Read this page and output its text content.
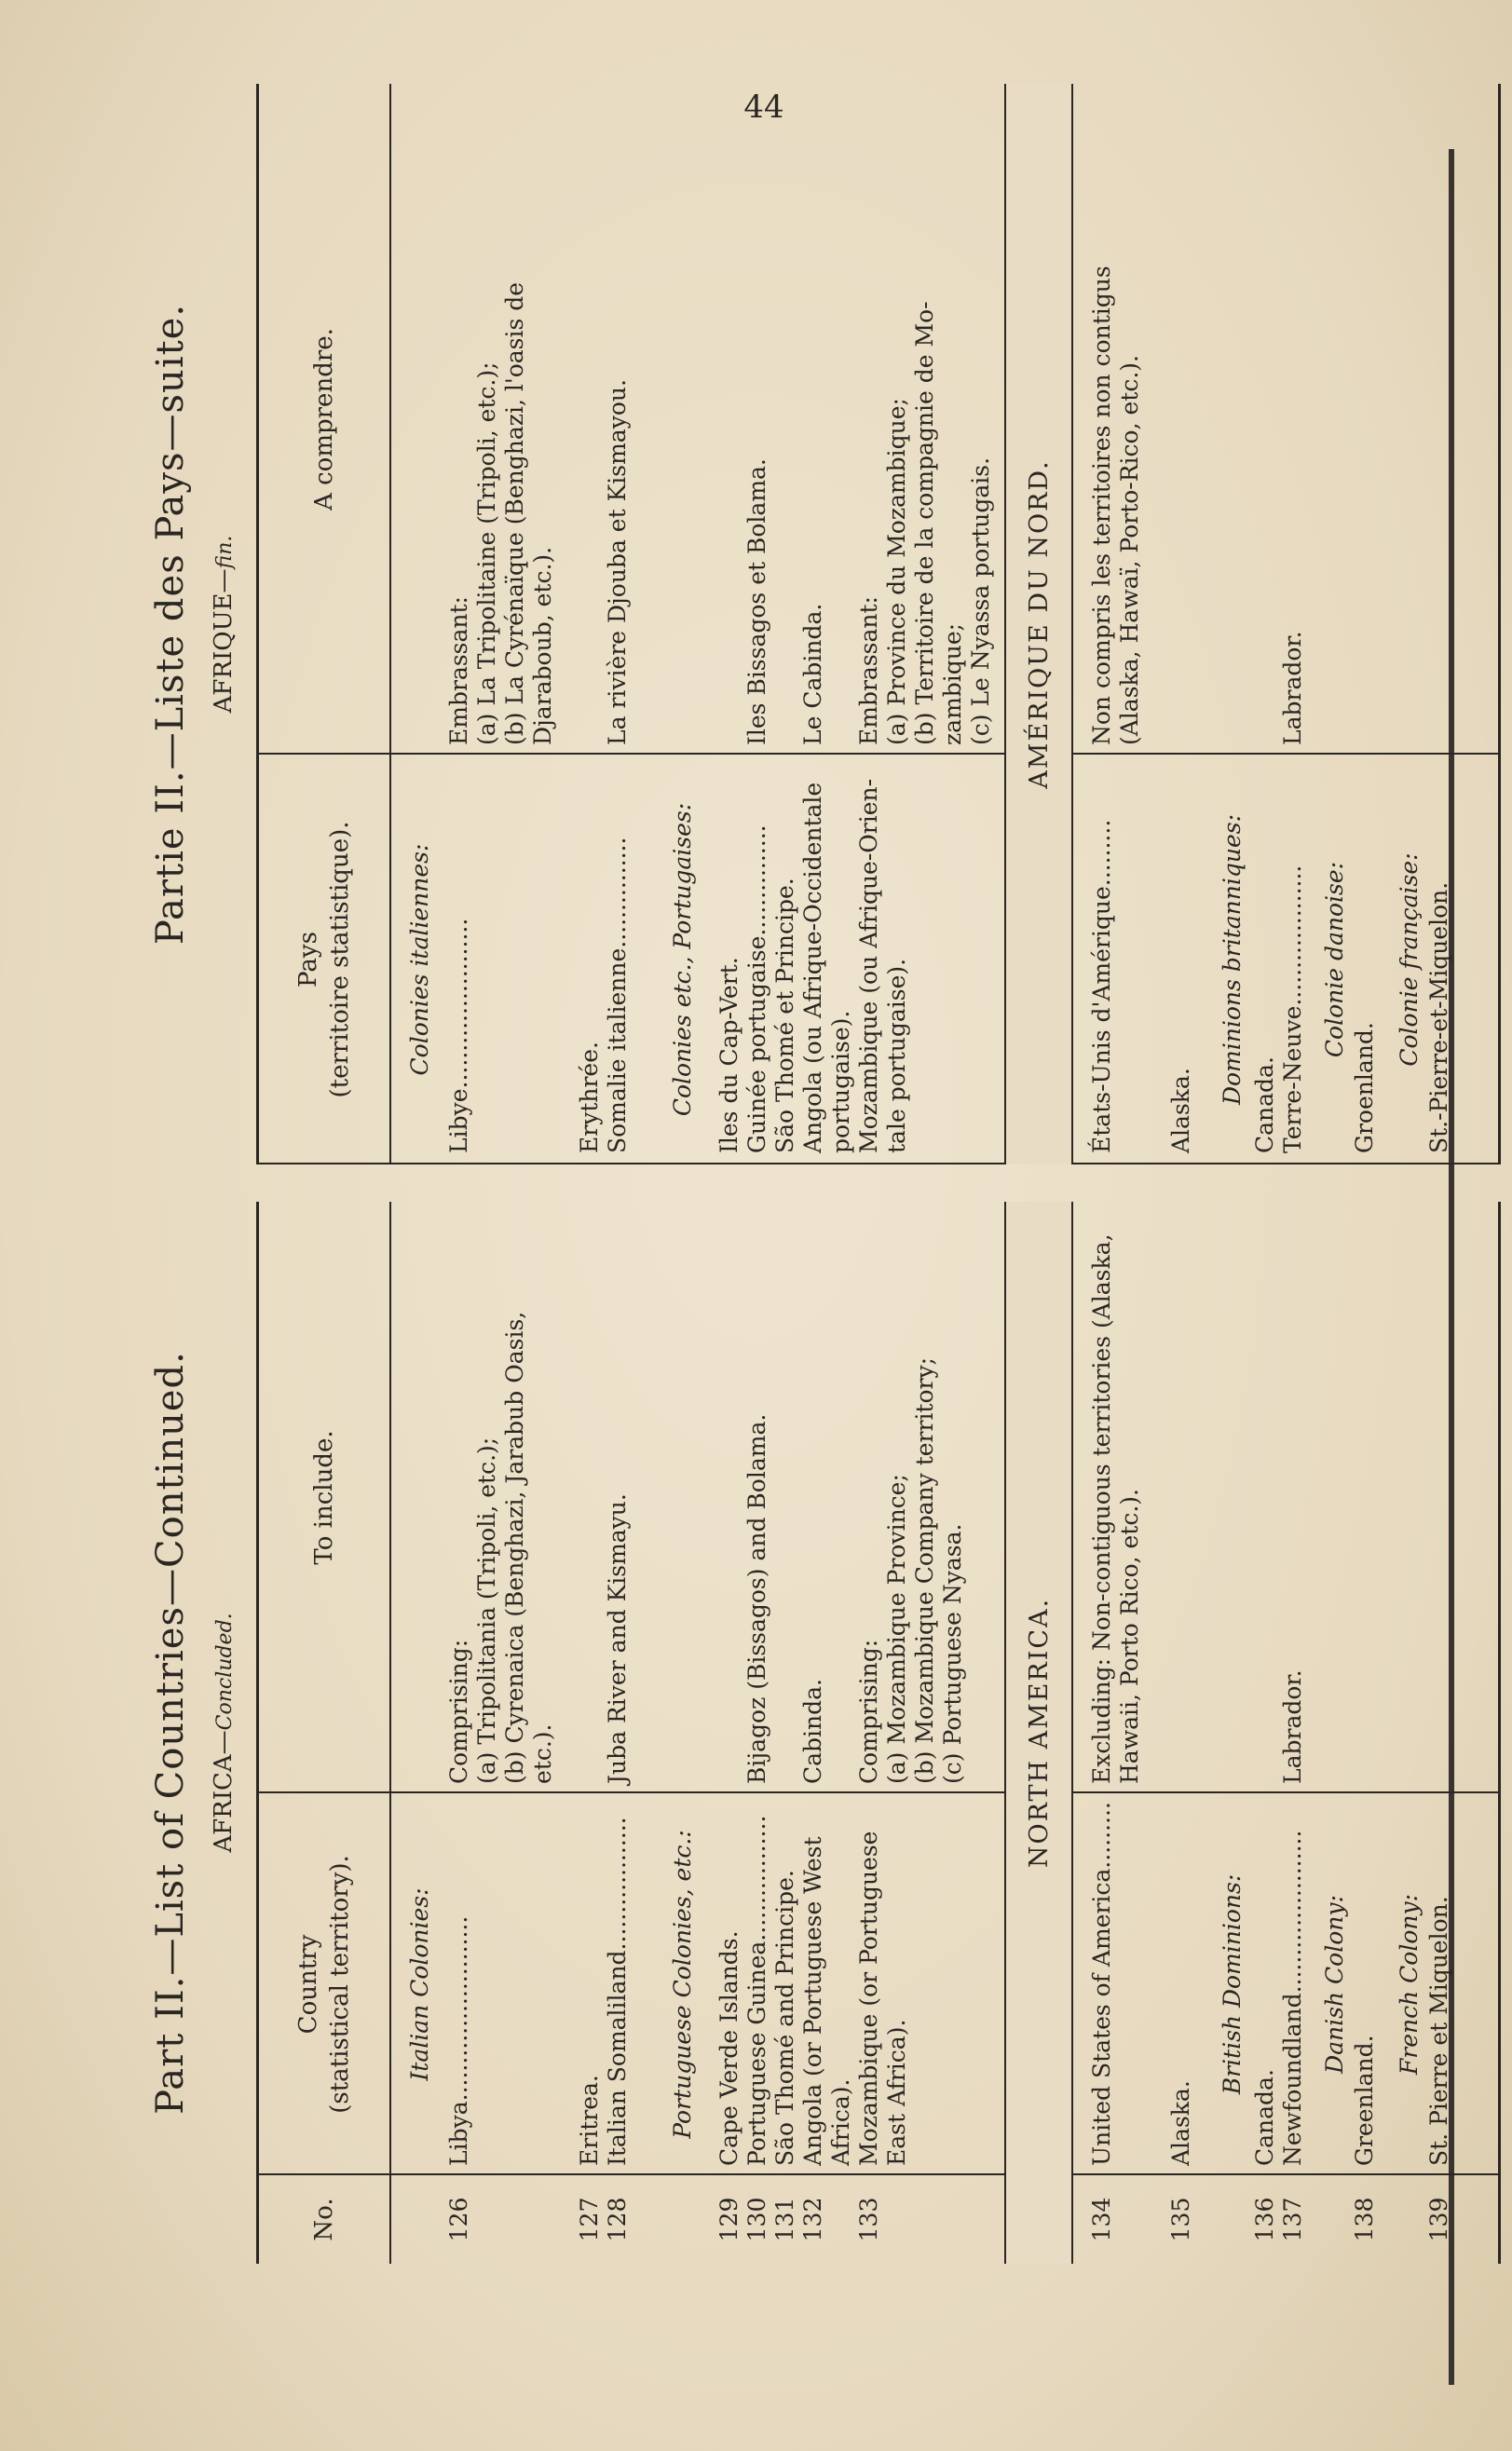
44
Part II.—List of Countries—Continued. AFRICA—Concluded.
No.
Country
(statistical territory).
To include.
Italian Colonies:
126
Libya.........................
Comprising:
(a) Tripolitania (Tripoli, etc.);
(b) Cyrenaica (Benghazi, Jarabub Oasis,
etc.).
127
128
Eritrea.
Italian Somaliland..................
Juba River and Kismayu.
Portuguese Colonies, etc.:
129
130
131
132
Cape Verde Islands.
Portuguese Guinea.................
São Thomé and Principe.
Angola (or Portuguese West
Africa).

Bijagoz (Bissagos) and Bolama.

Cabinda.
133
Mozambique (or Portuguese
East Africa).
Comprising:
(a) Mozambique Province;
(b) Mozambique Company territory;
(c) Portuguese Nyasa.
NORTH AMERICA.
134
United States of America.........
Excluding: Non-contiguous territories (Alaska,
Hawaii, Porto Rico, etc.).
135
Alaska.
British Dominions:
136
137
Canada.
Newfoundland......................

Labrador.
Danish Colony:
138
Greenland.
French Colony:
139
St. Pierre et Miquelon.
Partie II.—Liste des Pays—suite. AFRIQUE—fin.
Pays
(territoire statistique).
A comprendre.
Colonies italiennes: Libye.......................
Embrassant:
(a) La Tripolitaine (Tripoli, etc.);
(b) La Cyrénaïque (Benghazi, l'oasis de
Djaraboub, etc.).
Erythrée.
Somalie italienne...............
La rivière Djouba et Kismayou.
Colonies etc., Portugaises:
Iles du Cap-Vert.
Guinée portugaise...............
São Thomé et Principe.
Angola (ou Afrique-Occidentale
portugaise).

Iles Bissagos et Bolama.

Le Cabinda.
Mozambique (ou Afrique-Orien-
tale portugaise).
Embrassant:
(a) Province du Mozambique;
(b) Territoire de la compagnie de Mo-
zambique;
(c) Le Nyassa portugais.	AMÉRIQUE DU NORD.
États-Unis d'Amérique.........
Non compris les territoires non contigus
(Alaska, Hawaï, Porto-Rico, etc.).
Alaska.
Dominions britanniques: Canada.
Terre-Neuve...................

Labrador.
Colonie danoise:
Groenland.
Colonie française: St.-Pierre-et-Miquelon.
